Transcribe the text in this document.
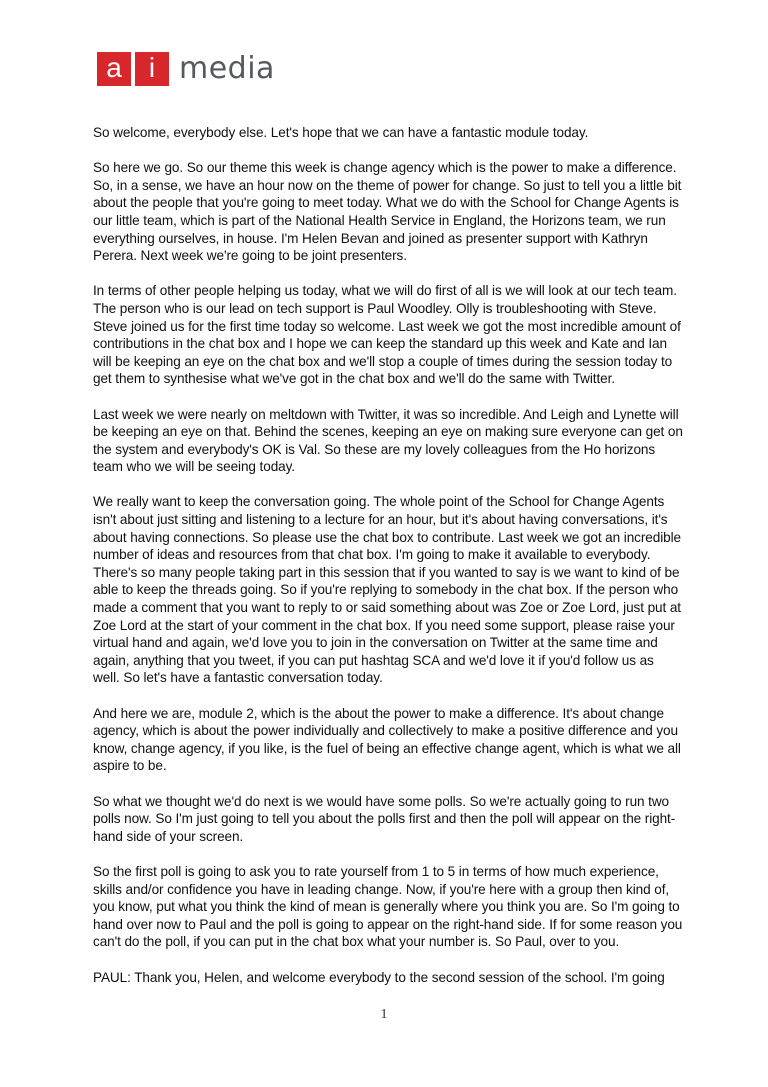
a i media

So welcome, everybody else. Let's hope that we can have a fantastic module today.

So here we go. So our theme this week is change agency which is the power to make a difference. So, in a sense, we have an hour now on the theme of power for change. So just to tell you a little bit about the people that you're going to meet today. What we do with the School for Change Agents is our little team, which is part of the National Health Service in England, the Horizons team, we run everything ourselves, in house. I'm Helen Bevan and joined as presenter support with Kathryn Perera. Next week we're going to be joint presenters.

In terms of other people helping us today, what we will do first of all is we will look at our tech team. The person who is our lead on tech support is Paul Woodley. Olly is troubleshooting with Steve. Steve joined us for the first time today so welcome. Last week we got the most incredible amount of contributions in the chat box and I hope we can keep the standard up this week and Kate and Ian will be keeping an eye on the chat box and we'll stop a couple of times during the session today to get them to synthesise what we've got in the chat box and we'll do the same with Twitter.

Last week we were nearly on meltdown with Twitter, it was so incredible. And Leigh and Lynette will be keeping an eye on that. Behind the scenes, keeping an eye on making sure everyone can get on the system and everybody's OK is Val. So these are my lovely colleagues from the Ho horizons team who we will be seeing today.

We really want to keep the conversation going. The whole point of the School for Change Agents isn't about just sitting and listening to a lecture for an hour, but it's about having conversations, it's about having connections. So please use the chat box to contribute. Last week we got an incredible number of ideas and resources from that chat box. I'm going to make it available to everybody. There's so many people taking part in this session that if you wanted to say is we want to kind of be able to keep the threads going. So if you're replying to somebody in the chat box. If the person who made a comment that you want to reply to or said something about was Zoe or Zoe Lord, just put at Zoe Lord at the start of your comment in the chat box. If you need some support, please raise your virtual hand and again, we'd love you to join in the conversation on Twitter at the same time and again, anything that you tweet, if you can put hashtag SCA and we'd love it if you'd follow us as well. So let's have a fantastic conversation today.

And here we are, module 2, which is the about the power to make a difference. It's about change agency, which is about the power individually and collectively to make a positive difference and you know, change agency, if you like, is the fuel of being an effective change agent, which is what we all aspire to be.

So what we thought we'd do next is we would have some polls. So we're actually going to run two polls now. So I'm just going to tell you about the polls first and then the poll will appear on the right-hand side of your screen.

So the first poll is going to ask you to rate yourself from 1 to 5 in terms of how much experience, skills and/or confidence you have in leading change. Now, if you're here with a group then kind of, you know, put what you think the kind of mean is generally where you think you are. So I'm going to hand over now to Paul and the poll is going to appear on the right-hand side. If for some reason you can't do the poll, if you can put in the chat box what your number is. So Paul, over to you.

PAUL: Thank you, Helen, and welcome everybody to the second session of the school. I'm going

1
